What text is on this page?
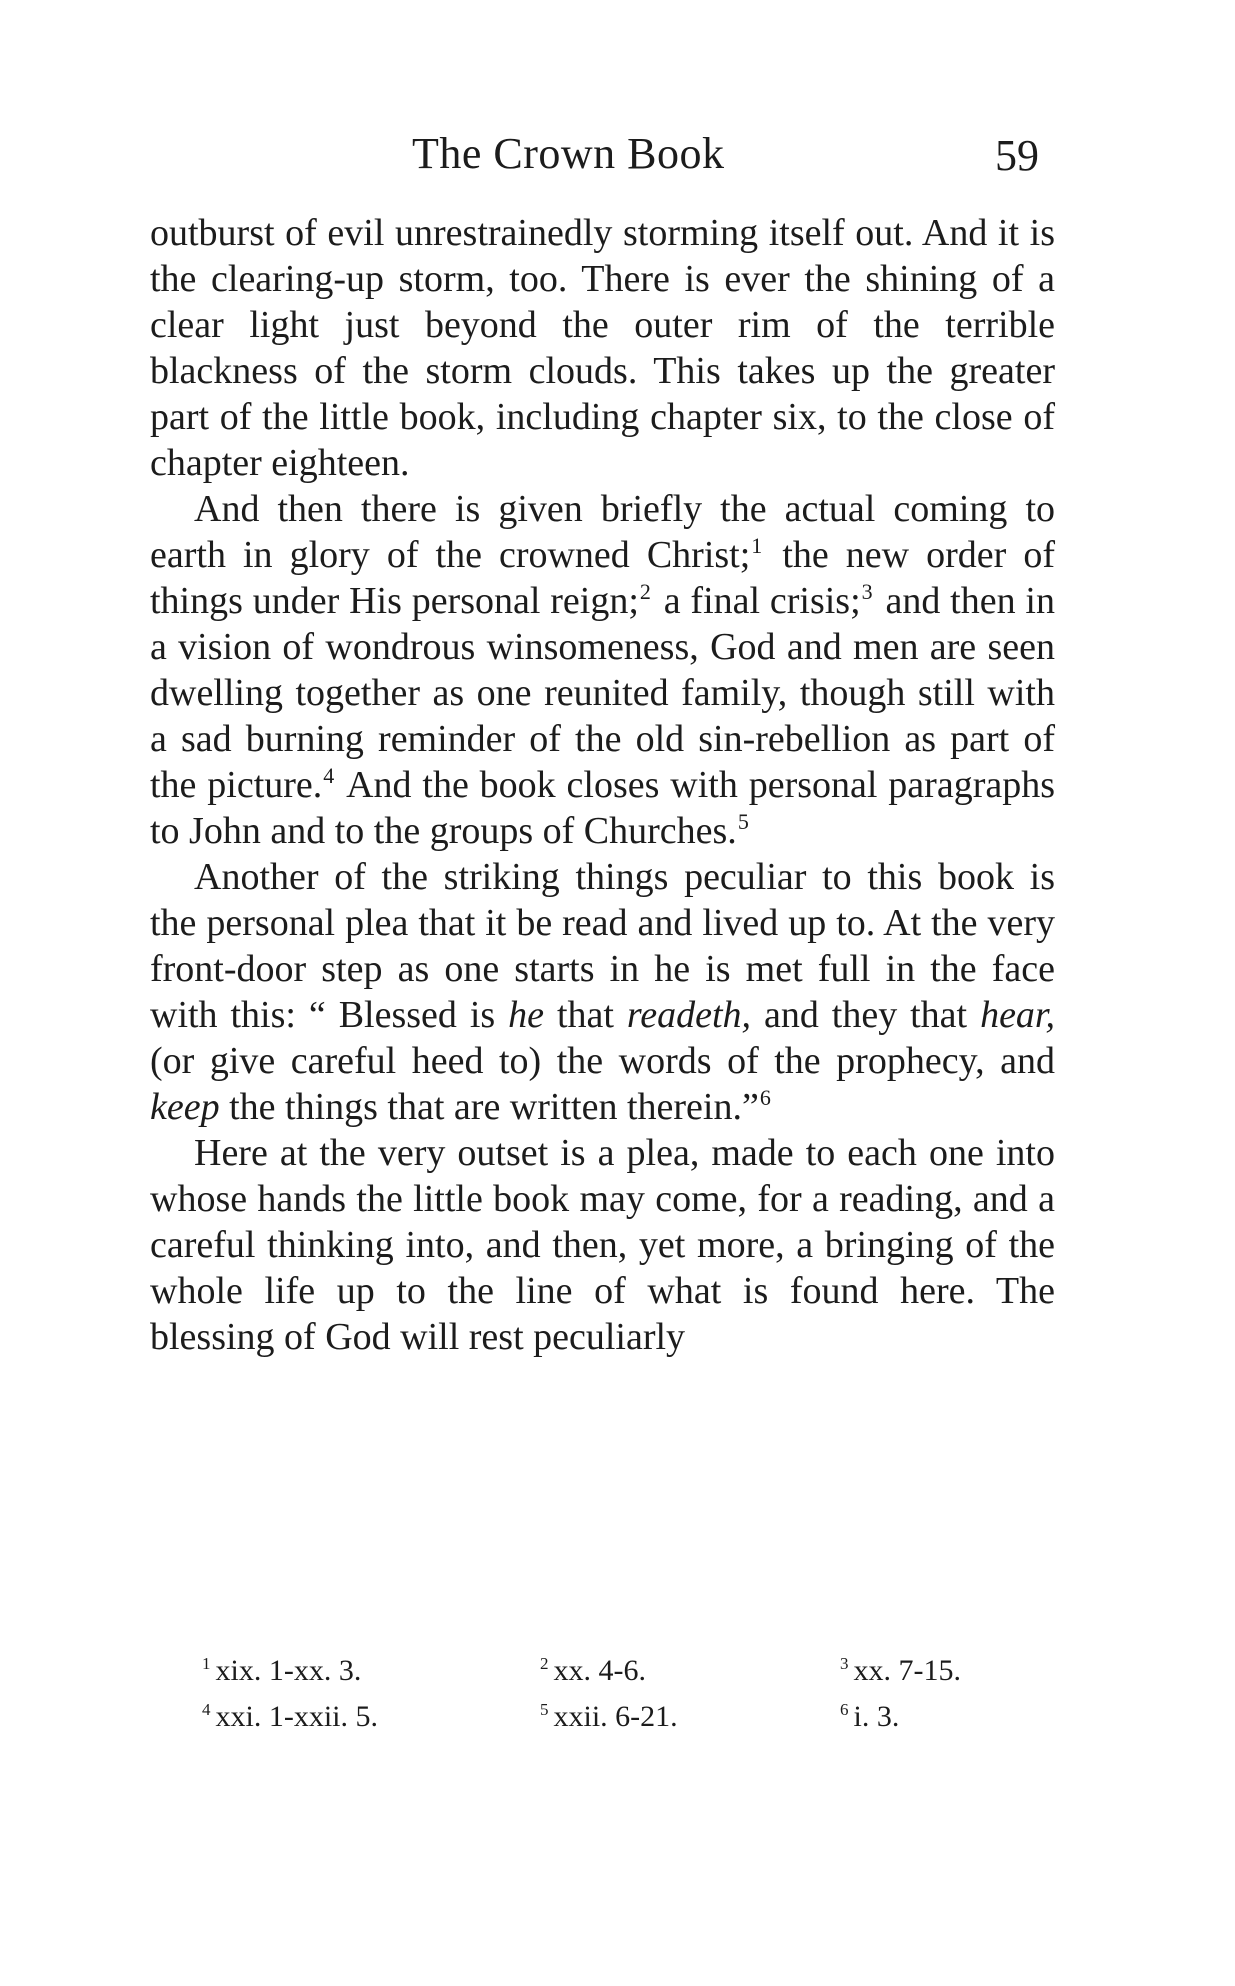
The Crown Book	59

outburst of evil unrestrainedly storming itself out. And it is the clearing-up storm, too. There is ever the shining of a clear light just beyond the outer rim of the terrible blackness of the storm clouds. This takes up the greater part of the little book, including chapter six, to the close of chapter eighteen.

And then there is given briefly the actual coming to earth in glory of the crowned Christ;$^1$ the new order of things under His personal reign;$^2$ a final crisis;$^3$ and then in a vision of wondrous winsomeness, God and men are seen dwelling together as one reunited family, though still with a sad burning reminder of the old sin-rebellion as part of the picture.$^4$ And the book closes with personal paragraphs to John and to the groups of Churches.$^5$

Another of the striking things peculiar to this book is the personal plea that it be read and lived up to. At the very front-door step as one starts in he is met full in the face with this: “ Blessed is he that readeth, and they that hear, (or give careful heed to) the words of the prophecy, and keep the things that are written therein.”$^6$

Here at the very outset is a plea, made to each one into whose hands the little book may come, for a reading, and a careful thinking into, and then, yet more, a bringing of the whole life up to the line of what is found here. The blessing of God will rest peculiarly

$^1$ xix. 1-xx. 3.	$^2$ xx. 4-6.	$^3$ xx. 7-15.
$^4$ xxi. 1-xxii. 5.	$^5$ xxii. 6-21.	$^6$ i. 3.
